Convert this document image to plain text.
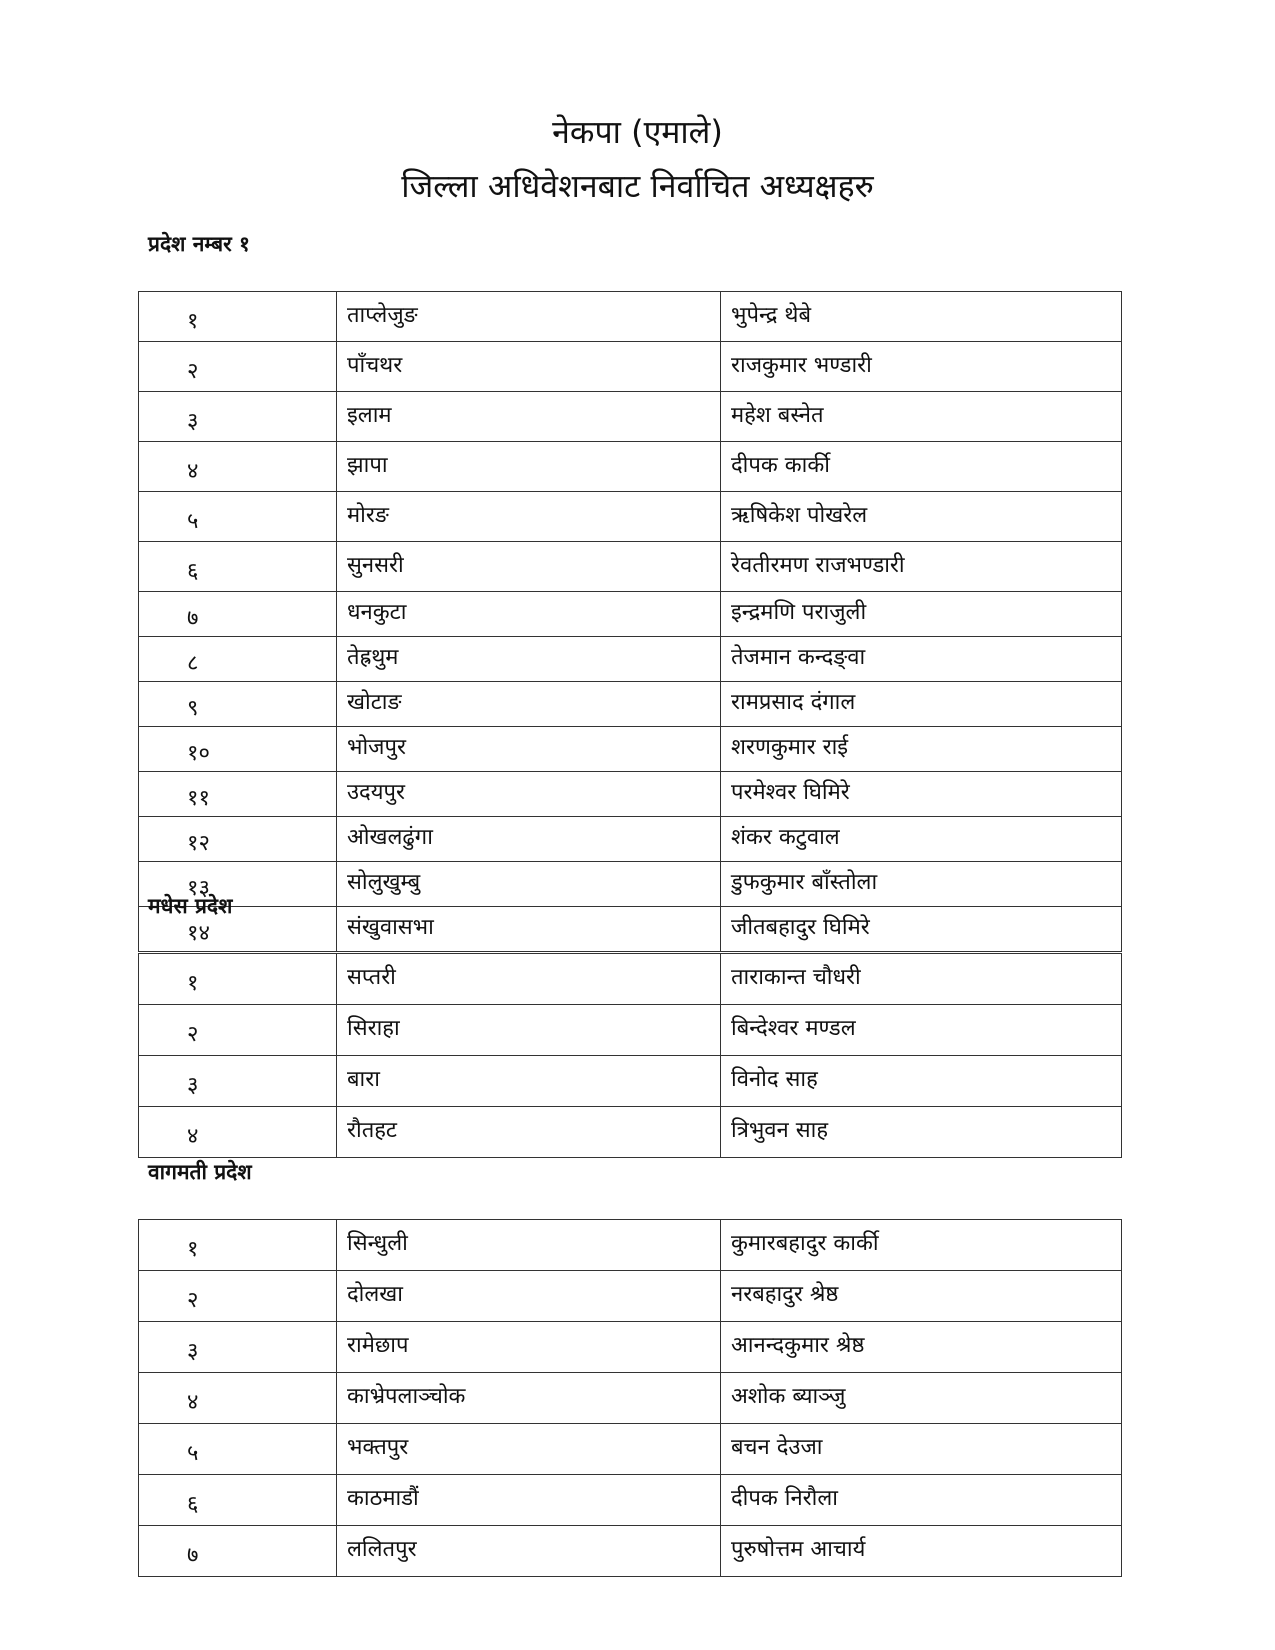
नेकपा (एमाले)
जिल्ला अधिवेशनबाट निर्वाचित अध्यक्षहरु
प्रदेश नम्बर १
१	ताप्लेजुङ	भुपेन्द्र थेबे
२	पाँचथर	राजकुमार भण्डारी
३	इलाम	महेश बस्नेत
४	झापा	दीपक कार्की
५	मोरङ	ऋषिकेश पोखरेल
६	सुनसरी	रेवतीरमण राजभण्डारी
७	धनकुटा	इन्द्रमणि पराजुली
८	तेह्रथुम	तेजमान कन्दङ्वा
९	खोटाङ	रामप्रसाद दंगाल
१०	भोजपुर	शरणकुमार राई
११	उदयपुर	परमेश्वर घिमिरे
१२	ओखलढुंगा	शंकर कटुवाल
१३	सोलुखुम्बु	डुफकुमार बाँस्तोला
१४	संखुवासभा	जीतबहादुर घिमिरे
मधेस प्रदेश
१	सप्तरी	ताराकान्त चौधरी
२	सिराहा	बिन्देश्वर मण्डल
३	बारा	विनोद साह
४	रौतहट	त्रिभुवन साह
वागमती प्रदेश
१	सिन्धुली	कुमारबहादुर कार्की
२	दोलखा	नरबहादुर श्रेष्ठ
३	रामेछाप	आनन्दकुमार श्रेष्ठ
४	काभ्रेपलाञ्चोक	अशोक ब्याञ्जु
५	भक्तपुर	बचन देउजा
६	काठमाडौं	दीपक निरौला
७	ललितपुर	पुरुषोत्तम आचार्य
